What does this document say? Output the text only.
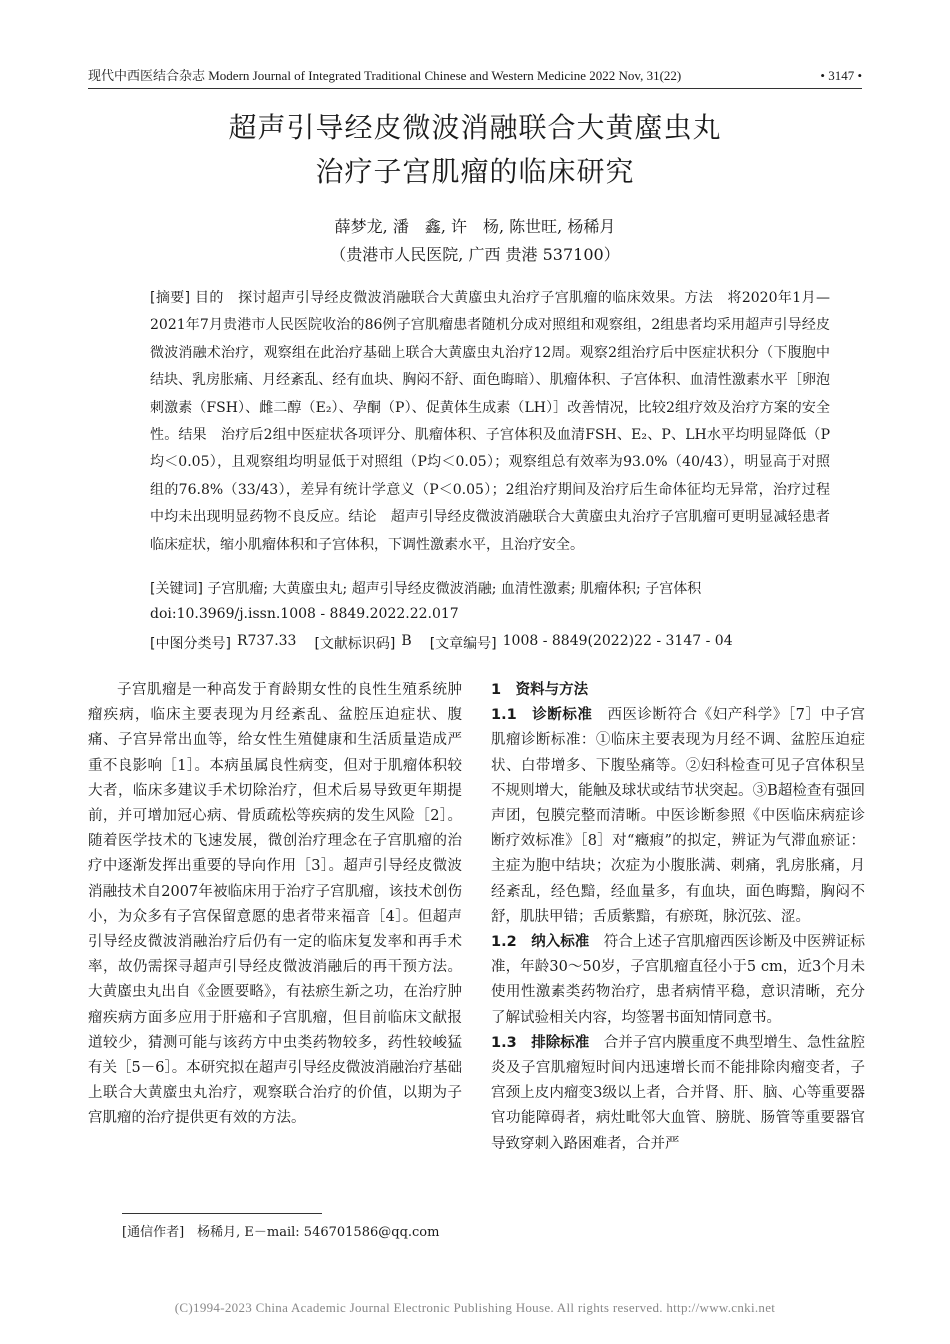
现代中西医结合杂志 Modern Journal of Integrated Traditional Chinese and Western Medicine 2022 Nov, 31(22)	• 3147 •
超声引导经皮微波消融联合大黄䗪虫丸
治疗子宫肌瘤的临床研究
薛梦龙, 潘　鑫, 许　杨, 陈世旺, 杨稀月
（贵港市人民医院, 广西 贵港 537100）
[摘要] 目的　探讨超声引导经皮微波消融联合大黄䗪虫丸治疗子宫肌瘤的临床效果。方法　将2020年1月—2021年7月贵港市人民医院收治的86例子宫肌瘤患者随机分成对照组和观察组，2组患者均采用超声引导经皮微波消融术治疗，观察组在此治疗基础上联合大黄䗪虫丸治疗12周。观察2组治疗后中医症状积分（下腹胞中结块、乳房胀痛、月经紊乱、经有血块、胸闷不舒、面色晦暗）、肌瘤体积、子宫体积、血清性激素水平［卵泡刺激素（FSH）、雌二醇（E₂）、孕酮（P）、促黄体生成素（LH）］改善情况，比较2组疗效及治疗方案的安全性。结果　治疗后2组中医症状各项评分、肌瘤体积、子宫体积及血清FSH、E₂、P、LH水平均明显降低（P均＜0.05），且观察组均明显低于对照组（P均＜0.05）；观察组总有效率为93.0%（40/43），明显高于对照组的76.8%（33/43），差异有统计学意义（P＜0.05）；2组治疗期间及治疗后生命体征均无异常，治疗过程中均未出现明显药物不良反应。结论　超声引导经皮微波消融联合大黄䗪虫丸治疗子宫肌瘤可更明显减轻患者临床症状，缩小肌瘤体积和子宫体积，下调性激素水平，且治疗安全。
[关键词] 子宫肌瘤; 大黄䗪虫丸; 超声引导经皮微波消融; 血清性激素; 肌瘤体积; 子宫体积
doi:10.3969/j.issn.1008 - 8849.2022.22.017
[中图分类号] R737.33 [文献标识码] B [文章编号] 1008 - 8849(2022)22 - 3147 - 04

子宫肌瘤是一种高发于育龄期女性的良性生殖系统肿瘤疾病，临床主要表现为月经紊乱、盆腔压迫症状、腹痛、子宫异常出血等，给女性生殖健康和生活质量造成严重不良影响［1］。本病虽属良性病变，但对于肌瘤体积较大者，临床多建议手术切除治疗，但术后易导致更年期提前，并可增加冠心病、骨质疏松等疾病的发生风险［2］。随着医学技术的飞速发展，微创治疗理念在子宫肌瘤的治疗中逐渐发挥出重要的导向作用［3］。超声引导经皮微波消融技术自2007年被临床用于治疗子宫肌瘤，该技术创伤小，为众多有子宫保留意愿的患者带来福音［4］。但超声引导经皮微波消融治疗后仍有一定的临床复发率和再手术率，故仍需探寻超声引导经皮微波消融后的再干预方法。大黄䗪虫丸出自《金匮要略》，有祛瘀生新之功，在治疗肿瘤疾病方面多应用于肝癌和子宫肌瘤，但目前临床文献报道较少，猜测可能与该药方中虫类药物较多，药性较峻猛有关［5－6］。本研究拟在超声引导经皮微波消融治疗基础上联合大黄䗪虫丸治疗，观察联合治疗的价值，以期为子宫肌瘤的治疗提供更有效的方法。

1　资料与方法

1.1　诊断标准　 西医诊断符合《妇产科学》［7］中子宫肌瘤诊断标准：①临床主要表现为月经不调、盆腔压迫症状、白带增多、下腹坠痛等。②妇科检查可见子宫体积呈不规则增大，能触及球状或结节状突起。③B超检查有强回声团，包膜完整而清晰。中医诊断参照《中医临床病症诊断疗效标准》［8］对“癥瘕”的拟定，辨证为气滞血瘀证：主症为胞中结块；次症为小腹胀满、刺痛，乳房胀痛，月经紊乱，经色黯，经血量多，有血块，面色晦黯，胸闷不舒，肌肤甲错；舌质紫黯，有瘀斑，脉沉弦、涩。

1.2　纳入标准　 符合上述子宫肌瘤西医诊断及中医辨证标准，年龄30～50岁，子宫肌瘤直径小于5 cm，近3个月未使用性激素类药物治疗，患者病情平稳，意识清晰，充分了解试验相关内容，均签署书面知情同意书。

1.3　排除标准　 合并子宫内膜重度不典型增生、急性盆腔炎及子宫肌瘤短时间内迅速增长而不能排除肉瘤变者，子宫颈上皮内瘤变3级以上者，合并肾、肝、脑、心等重要器官功能障碍者，病灶毗邻大血管、膀胱、肠管等重要器官导致穿刺入路困难者，合并严

[通信作者]　杨稀月, E－mail: 546701586@qq.com
(C)1994-2023 China Academic Journal Electronic Publishing House. All rights reserved. http://www.cnki.net
